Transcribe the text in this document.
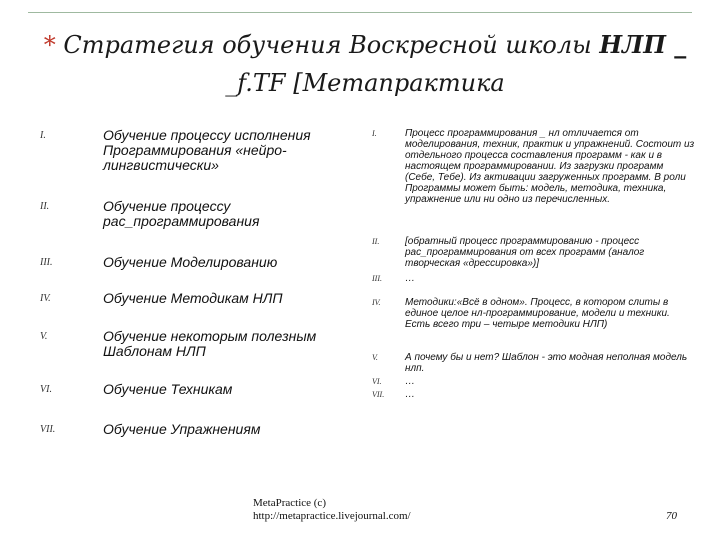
* Стратегия обучения Воскресной школы НЛП _
_f.TF [Метапрактика
I.	Обучение процессу исполнения Программирования «нейро-лингвистически»
II.	Обучение процессу рас_программирования
III.	Обучение Моделированию
IV.	Обучение Методикам НЛП
V.	Обучение некоторым полезным Шаблонам НЛП
VI.	Обучение Техникам
VII.	Обучение Упражнениям
I.	Процесс программирования _ нл отличается от моделирования, техник, практик и упражнений. Состоит из отдельного процесса составления программ - как и в настоящем программировании. Из загрузки программ (Себе, Тебе). Из активации загруженных программ. В роли Программы может быть: модель, методика, техника, упражнение или ни одно из перечисленных.
II.	[обратный процесс программированию - процесс рас_программирования от всех программ (аналог творческая «дрессировка»)]
III. …
IV. Методики:«Всё в одном». Процесс, в котором слиты в единое целое нл-программирование, модели и техники. Есть всего три – четыре методики НЛП)
V.	А почему бы и нет? Шаблон - это модная неполная модель нлп.
VI. …
VII. …
MetaPractice (c)
http://metapractice.livejournal.com/	70
